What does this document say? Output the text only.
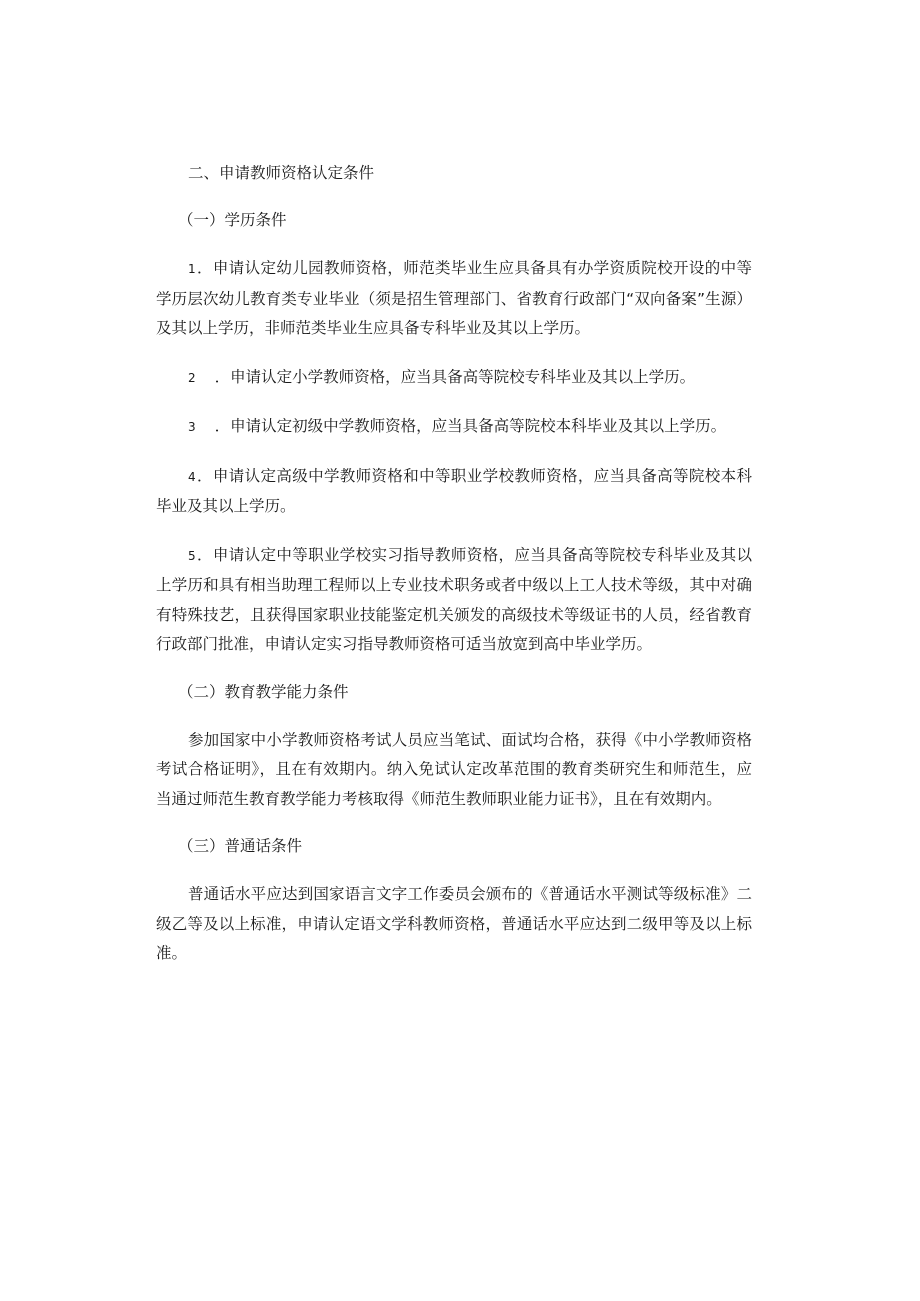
二、申请教师资格认定条件
（一）学历条件

1．申请认定幼儿园教师资格，师范类毕业生应具备具有办学资质院校开设的中等学历层次幼儿教育类专业毕业（须是招生管理部门、省教育行政部门“双向备案”生源）及其以上学历，非师范类毕业生应具备专科毕业及其以上学历。

2 ．申请认定小学教师资格，应当具备高等院校专科毕业及其以上学历。

3 ．申请认定初级中学教师资格，应当具备高等院校本科毕业及其以上学历。

4．申请认定高级中学教师资格和中等职业学校教师资格，应当具备高等院校本科毕业及其以上学历。

5．申请认定中等职业学校实习指导教师资格，应当具备高等院校专科毕业及其以上学历和具有相当助理工程师以上专业技术职务或者中级以上工人技术等级，其中对确有特殊技艺，且获得国家职业技能鉴定机关颁发的高级技术等级证书的人员，经省教育行政部门批准，申请认定实习指导教师资格可适当放宽到高中毕业学历。

（二）教育教学能力条件

参加国家中小学教师资格考试人员应当笔试、面试均合格，获得《中小学教师资格考试合格证明》，且在有效期内。纳入免试认定改革范围的教育类研究生和师范生，应当通过师范生教育教学能力考核取得《师范生教师职业能力证书》，且在有效期内。

（三）普通话条件

普通话水平应达到国家语言文字工作委员会颁布的《普通话水平测试等级标准》二级乙等及以上标准，申请认定语文学科教师资格，普通话水平应达到二级甲等及以上标准。
